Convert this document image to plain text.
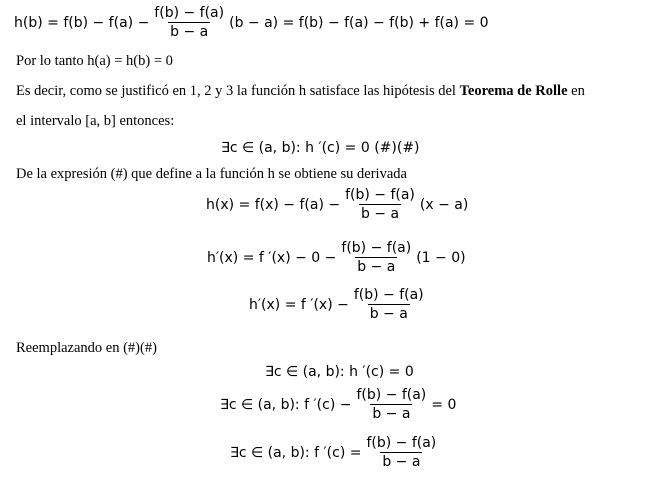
$h(b) = f(b) - f(a) - \frac{f(b) - f(a)}{b - a} (b - a) = f(b) - f(a) - f(b) + f(a) = 0$
Por lo tanto h(a) = h(b) = 0
Es decir, como se justificó en 1, 2 y 3 la función h satisface las hipótesis del Teorema de Rolle en
el intervalo [a, b] entonces:
∃c ∈ (a, b): h ′(c) = 0 (#)(#)
De la expresión (#) que define a la función h se obtiene su derivada
$h(x) = f(x) - f(a) - \frac{f(b) - f(a)}{b - a} (x - a)$
h′(x) = f $'(x) - 0 - \frac{f(b) - f(a)}{b - a} (1 - 0)$
h′(x) = f $'(x) - \frac{f(b) - f(a)}{b - a}$
Reemplazando en (#)(#)
∃c ∈ (a, b): h ′(c) = 0
∃c ∈ (a, b): f $'(c) - \frac{f(b) - f(a)}{b - a} = 0$
∃c ∈ (a, b): f $'(c) = \frac{f(b) - f(a)}{b - a}$
